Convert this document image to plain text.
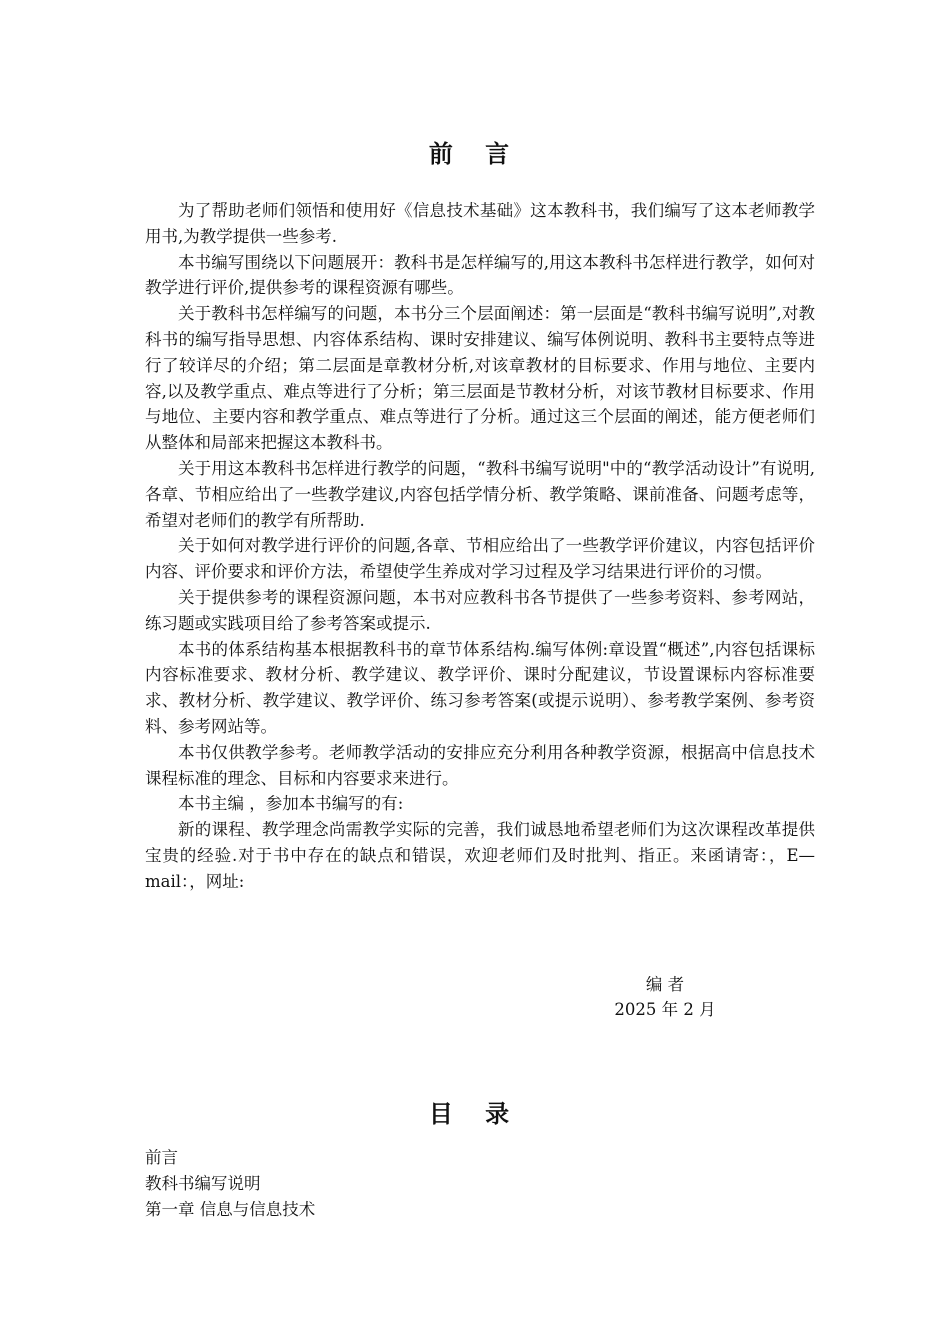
前 言

为了帮助老师们领悟和使用好《信息技术基础》这本教科书，我们编写了这本老师教学用书,为教学提供一些参考.

本书编写围绕以下问题展开：教科书是怎样编写的,用这本教科书怎样进行教学，如何对教学进行评价,提供参考的课程资源有哪些。

关于教科书怎样编写的问题，本书分三个层面阐述：第一层面是“教科书编写说明”,对教科书的编写指导思想、内容体系结构、课时安排建议、编写体例说明、教科书主要特点等进行了较详尽的介绍；第二层面是章教材分析,对该章教材的目标要求、作用与地位、主要内容,以及教学重点、难点等进行了分析；第三层面是节教材分析，对该节教材目标要求、作用与地位、主要内容和教学重点、难点等进行了分析。通过这三个层面的阐述，能方便老师们从整体和局部来把握这本教科书。

关于用这本教科书怎样进行教学的问题，“教科书编写说明"中的“教学活动设计”有说明,各章、节相应给出了一些教学建议,内容包括学情分析、教学策略、课前准备、问题考虑等，希望对老师们的教学有所帮助.

关于如何对教学进行评价的问题,各章、节相应给出了一些教学评价建议，内容包括评价内容、评价要求和评价方法，希望使学生养成对学习过程及学习结果进行评价的习惯。

关于提供参考的课程资源问题，本书对应教科书各节提供了一些参考资料、参考网站，练习题或实践项目给了参考答案或提示.

本书的体系结构基本根据教科书的章节体系结构.编写体例:章设置“概述”,内容包括课标内容标准要求、教材分析、教学建议、教学评价、课时分配建议，节设置课标内容标准要求、教材分析、教学建议、教学评价、练习参考答案(或提示说明）、参考教学案例、参考资料、参考网站等。

本书仅供教学参考。老师教学活动的安排应充分利用各种教学资源，根据高中信息技术课程标准的理念、目标和内容要求来进行。

本书主编 ，参加本书编写的有:

新的课程、教学理念尚需教学实际的完善，我们诚恳地希望老师们为这次课程改革提供宝贵的经验.对于书中存在的缺点和错误，欢迎老师们及时批判、指正。来函请寄：，E—mail：，网址:

编 者
2025 年 2 月
目 录
前言
教科书编写说明
第一章 信息与信息技术
